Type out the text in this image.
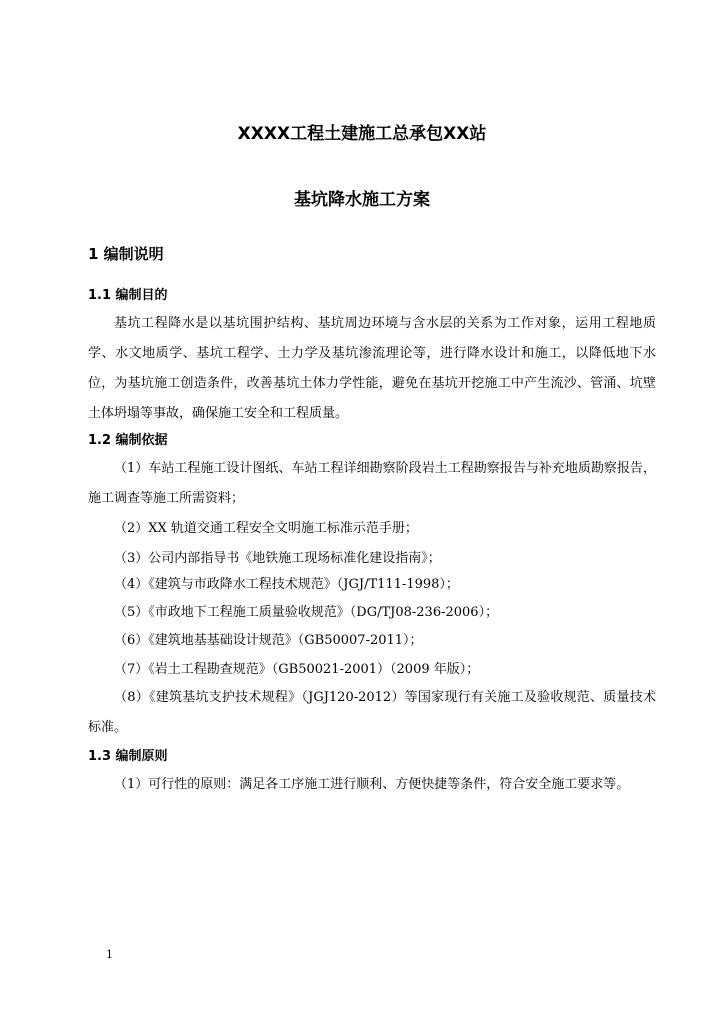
XXXX工程土建施工总承包XX站
基坑降水施工方案
1 编制说明
1.1 编制目的

基坑工程降水是以基坑围护结构、基坑周边环境与含水层的关系为工作对象，运用工程地质学、水文地质学、基坑工程学、土力学及基坑渗流理论等，进行降水设计和施工，以降低地下水位，为基坑施工创造条件，改善基坑土体力学性能，避免在基坑开挖施工中产生流沙、管涌、坑壁土体坍塌等事故，确保施工安全和工程质量。

1.2 编制依据

（1）车站工程施工设计图纸、车站工程详细勘察阶段岩土工程勘察报告与补充地质勘察报告，施工调查等施工所需资料；

（2）XX 轨道交通工程安全文明施工标准示范手册；
（3）公司内部指导书《地铁施工现场标准化建设指南》；
（4）《建筑与市政降水工程技术规范》（JGJ/T111-1998）；
（5）《市政地下工程施工质量验收规范》（DG/TJ08-236-2006）；
（6）《建筑地基基础设计规范》（GB50007-2011）；
（7）《岩土工程勘查规范》（GB50021-2001）（2009 年版）；

（8）《建筑基坑支护技术规程》（JGJ120-2012）等国家现行有关施工及验收规范、质量技术标准。

1.3 编制原则

（1）可行性的原则：满足各工序施工进行顺利、方便快捷等条件，符合安全施工要求等。

1
